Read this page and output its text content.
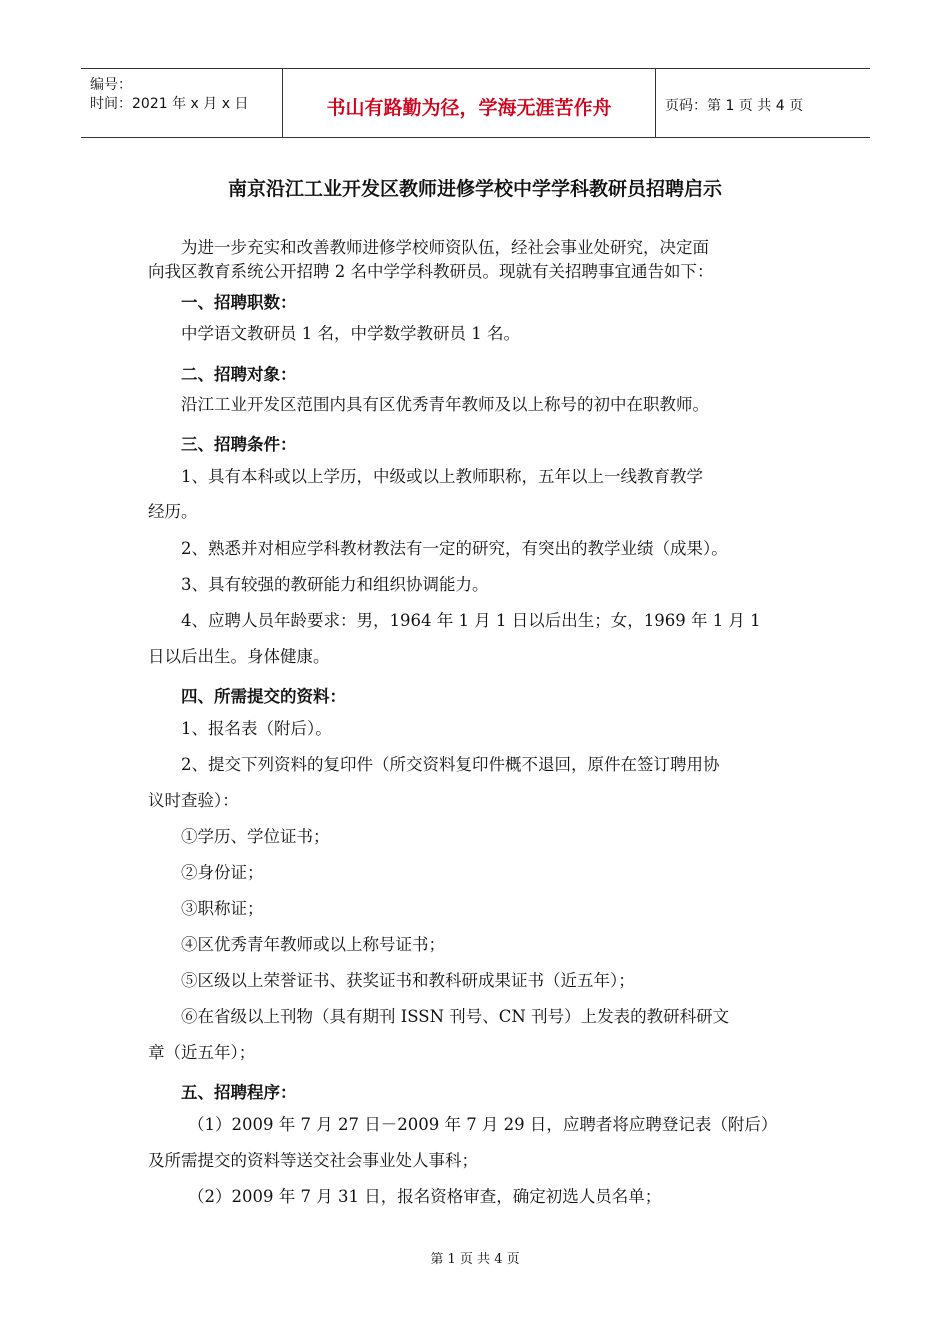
编号：
时间：2021 年 x 月 x 日	书山有路勤为径，学海无涯苦作舟	页码：第 1 页 共 4 页
南京沿江工业开发区教师进修学校中学学科教研员招聘启示
为进一步充实和改善教师进修学校师资队伍，经社会事业处研究，决定面
向我区教育系统公开招聘 2 名中学学科教研员。现就有关招聘事宜通告如下：
一、招聘职数：
中学语文教研员 1 名，中学数学教研员 1 名。
二、招聘对象：
沿江工业开发区范围内具有区优秀青年教师及以上称号的初中在职教师。
三、招聘条件：
1、具有本科或以上学历，中级或以上教师职称，五年以上一线教育教学
经历。
2、熟悉并对相应学科教材教法有一定的研究，有突出的教学业绩（成果）。
3、具有较强的教研能力和组织协调能力。
4、应聘人员年龄要求：男，1964 年 1 月 1 日以后出生；女，1969 年 1 月 1
日以后出生。身体健康。
四、所需提交的资料：
1、报名表（附后）。
2、提交下列资料的复印件（所交资料复印件概不退回，原件在签订聘用协
议时查验）：
①学历、学位证书；
②身份证；
③职称证；
④区优秀青年教师或以上称号证书；
⑤区级以上荣誉证书、获奖证书和教科研成果证书（近五年）；
⑥在省级以上刊物（具有期刊 ISSN 刊号、CN 刊号）上发表的教研科研文
章（近五年）；
五、招聘程序：
（1）2009 年 7 月 27 日－2009 年 7 月 29 日，应聘者将应聘登记表（附后）
及所需提交的资料等送交社会事业处人事科；
（2）2009 年 7 月 31 日，报名资格审查，确定初选人员名单；
第 1 页 共 4 页
